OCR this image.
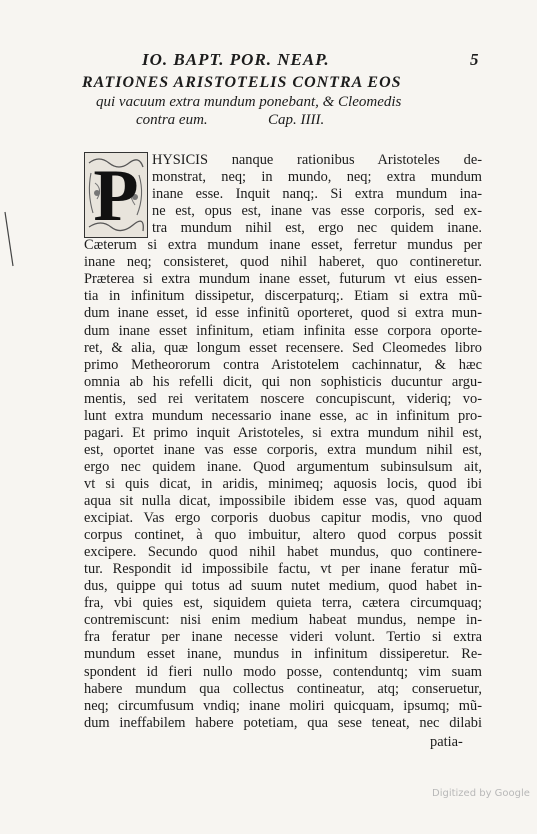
IO. BAPT. POR. NEAP.	5
RATIONES ARISTOTELIS CONTRA EOS
qui vacuum extra mundum ponebant, & Cleomedis
contra eum.	Cap. IIII.
P HYSICIS nanque rationibus Aristoteles de-
monstrat, neq; in mundo, neq; extra mundum
inane esse. Inquit nanq;. Si extra mundum ina-
ne est, opus est, inane vas esse corporis, sed ex-
tra mundum nihil est, ergo nec quidem inane.
Cæterum si extra mundum inane esset, ferretur mundus per
inane neq; consisteret, quod nihil haberet, quo contineretur.
Præterea si extra mundum inane esset, futurum vt eius essen-
tia in infinitum dissipetur, discerpaturq;. Etiam si extra mũ-
dum inane esset, id esse infinitũ oporteret, quod si extra mun-
dum inane esset infinitum, etiam infinita esse corpora oporte-
ret, & alia, quæ longum esset recensere. Sed Cleomedes libro
primo Metheororum contra Aristotelem cachinnatur, & hæc
omnia ab his refelli dicit, qui non sophisticis ducuntur argu-
mentis, sed rei veritatem noscere concupiscunt, videriq; vo-
lunt extra mundum necessario inane esse, ac in infinitum pro-
pagari. Et primo inquit Aristoteles, si extra mundum nihil est,
est, oportet inane vas esse corporis, extra mundum nihil est,
ergo nec quidem inane. Quod argumentum subinsulsum ait,
vt si quis dicat, in aridis, minimeq; aquosis locis, quod ibi
aqua sit nulla dicat, impossibile ibidem esse vas, quod aquam
excipiat. Vas ergo corporis duobus capitur modis, vno quod
corpus continet, à quo imbuitur, altero quod corpus possit
excipere. Secundo quod nihil habet mundus, quo continere-
tur. Respondit id impossibile factu, vt per inane feratur mũ-
dus, quippe qui totus ad suum nutet medium, quod habet in-
fra, vbi quies est, siquidem quieta terra, cætera circumquaq;
contremiscunt: nisi enim medium habeat mundus, nempe in-
fra feratur per inane necesse videri volunt. Tertio si extra
mundum esset inane, mundus in infinitum dissiperetur. Re-
spondent id fieri nullo modo posse, contenduntq; vim suam
habere mundum qua collectus contineatur, atq; conseruetur,
neq; circumfusum vndiq; inane moliri quicquam, ipsumq; mũ-
dum ineffabilem habere potetiam, qua sese teneat, nec dilabi
patia-
Digitized by Google
